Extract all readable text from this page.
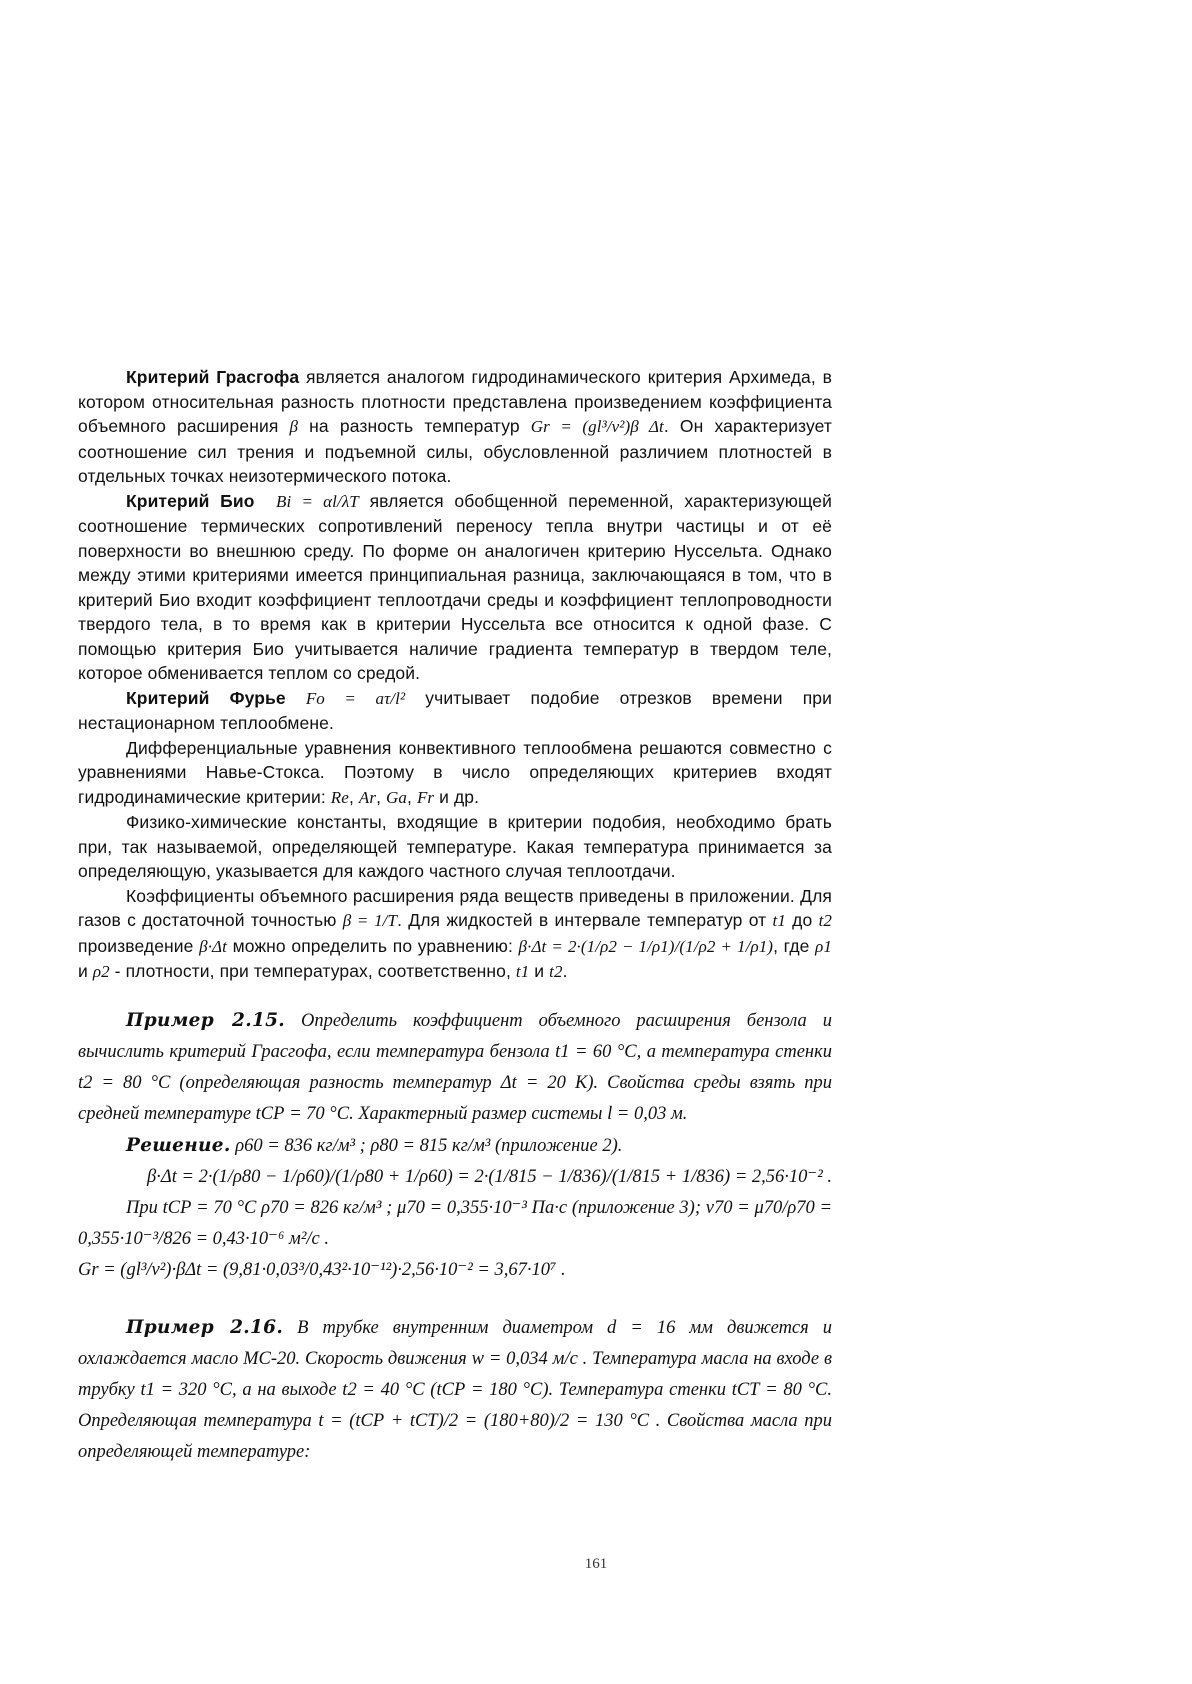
Критерий Грасгофа является аналогом гидродинамического критерия Архимеда, в котором относительная разность плотности представлена произведением коэффициента объемного расширения β на разность температур Gr = (gl³/ν²)β Δt. Он характеризует соотношение сил трения и подъемной силы, обусловленной различием плотностей в отдельных точках неизотермического потока.

Критерий Био Bi = αl/λT является обобщенной переменной, характеризующей соотношение термических сопротивлений переносу тепла внутри частицы и от её поверхности во внешнюю среду. По форме он аналогичен критерию Нуссельта. Однако между этими критериями имеется принципиальная разница, заключающаяся в том, что в критерий Био входит коэффициент теплоотдачи среды и коэффициент теплопроводности твердого тела, в то время как в критерии Нуссельта все относится к одной фазе. С помощью критерия Био учитывается наличие градиента температур в твердом теле, которое обменивается теплом со средой.

Критерий Фурье Fo = aτ/l² учитывает подобие отрезков времени при нестационарном теплообмене.

Дифференциальные уравнения конвективного теплообмена решаются совместно с уравнениями Навье-Стокса. Поэтому в число определяющих критериев входят гидродинамические критерии: Re, Ar, Ga, Fr и др.

Физико-химические константы, входящие в критерии подобия, необходимо брать при, так называемой, определяющей температуре. Какая температура принимается за определяющую, указывается для каждого частного случая теплоотдачи.

Коэффициенты объемного расширения ряда веществ приведены в приложении. Для газов с достаточной точностью β = 1/T. Для жидкостей в интервале температур от t1 до t2 произведение β·Δt можно определить по уравнению: β·Δt = 2·(1/ρ2 − 1/ρ1)/(1/ρ2 + 1/ρ1), где ρ1 и ρ2 - плотности, при температурах, соответственно, t1 и t2.

Пример 2.15. Определить коэффициент объемного расширения бензола и вычислить критерий Грасгофа, если температура бензола t1 = 60 °C, а температура стенки t2 = 80 °C (определяющая разность температур Δt = 20 K). Свойства среды взять при средней температуре tСР = 70 °C. Характерный размер системы l = 0,03 м.

Решение. ρ60 = 836 кг/м³ ; ρ80 = 815 кг/м³ (приложение 2).

β·Δt = 2·(1/ρ80 − 1/ρ60)/(1/ρ80 + 1/ρ60) = 2·(1/815 − 1/836)/(1/815 + 1/836) = 2,56·10⁻² .

При tСР = 70 °C ρ70 = 826 кг/м³ ; μ70 = 0,355·10⁻³ Па·с (приложение 3); ν70 = μ70/ρ70 = 0,355·10⁻³/826 = 0,43·10⁻⁶ м²/с .

Gr = (gl³/ν²)·βΔt = (9,81·0,03³/0,43²·10⁻¹²)·2,56·10⁻² = 3,67·10⁷ .

Пример 2.16. В трубке внутренним диаметром d = 16 мм движется и охлаждается масло МС-20. Скорость движения w = 0,034 м/с . Температура масла на входе в трубку t1 = 320 °C, а на выходе t2 = 40 °C (tСР = 180 °C). Температура стенки tСТ = 80 °C. Определяющая температура t = (tСР + tСТ)/2 = (180+80)/2 = 130 °C . Свойства масла при определяющей температуре:

161
